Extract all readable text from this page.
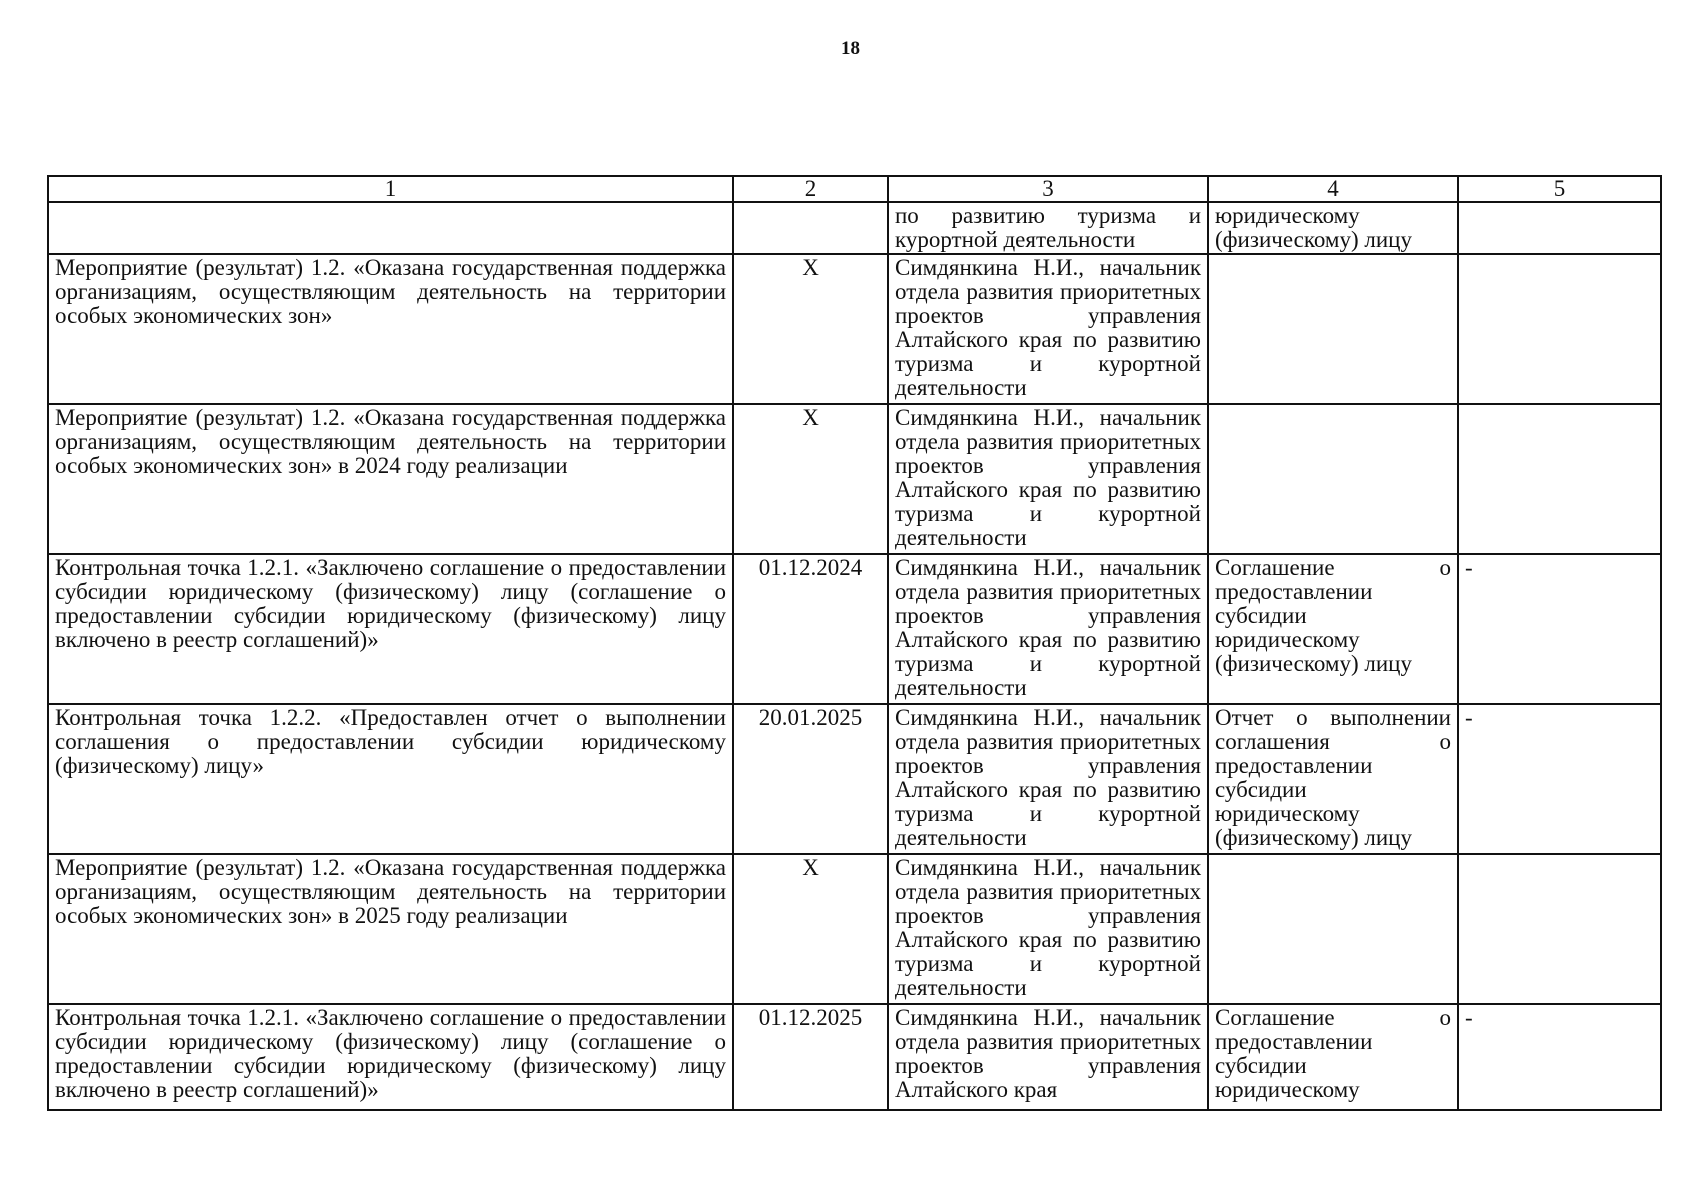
18
1	2	3	4	5
		по развитию туризма и курортной деятельности	юридическому (физическому) лицу	
Мероприятие (результат) 1.2. «Оказана государственная поддержка организациям, осуществляющим деятельность на территории особых экономических зон»	X	Симдянкина Н.И., начальник отдела развития приоритетных проектов управления Алтайского края по развитию туризма и курортной деятельности		
Мероприятие (результат) 1.2. «Оказана государственная поддержка организациям, осуществляющим деятельность на территории особых экономических зон» в 2024 году реализации	X	Симдянкина Н.И., начальник отдела развития приоритетных проектов управления Алтайского края по развитию туризма и курортной деятельности		
Контрольная точка 1.2.1. «Заключено соглашение о предоставлении субсидии юридическому (физическому) лицу (соглашение о предоставлении субсидии юридическому (физическому) лицу включено в реестр соглашений)»	01.12.2024	Симдянкина Н.И., начальник отдела развития приоритетных проектов управления Алтайского края по развитию туризма и курортной деятельности	Соглашение о предоставлении субсидии юридическому (физическому) лицу	-
Контрольная точка 1.2.2. «Предоставлен отчет о выполнении соглашения о предоставлении субсидии юридическому (физическому) лицу»	20.01.2025	Симдянкина Н.И., начальник отдела развития приоритетных проектов управления Алтайского края по развитию туризма и курортной деятельности	Отчет о выполнении соглашения о предоставлении субсидии юридическому (физическому) лицу	-
Мероприятие (результат) 1.2. «Оказана государственная поддержка организациям, осуществляющим деятельность на территории особых экономических зон» в 2025 году реализации	X	Симдянкина Н.И., начальник отдела развития приоритетных проектов управления Алтайского края по развитию туризма и курортной деятельности		
Контрольная точка 1.2.1. «Заключено соглашение о предоставлении субсидии юридическому (физическому) лицу (соглашение о предоставлении субсидии юридическому (физическому) лицу включено в реестр соглашений)»	01.12.2025	Симдянкина Н.И., начальник отдела развития приоритетных проектов управления Алтайского края	Соглашение о предоставлении субсидии юридическому	-
